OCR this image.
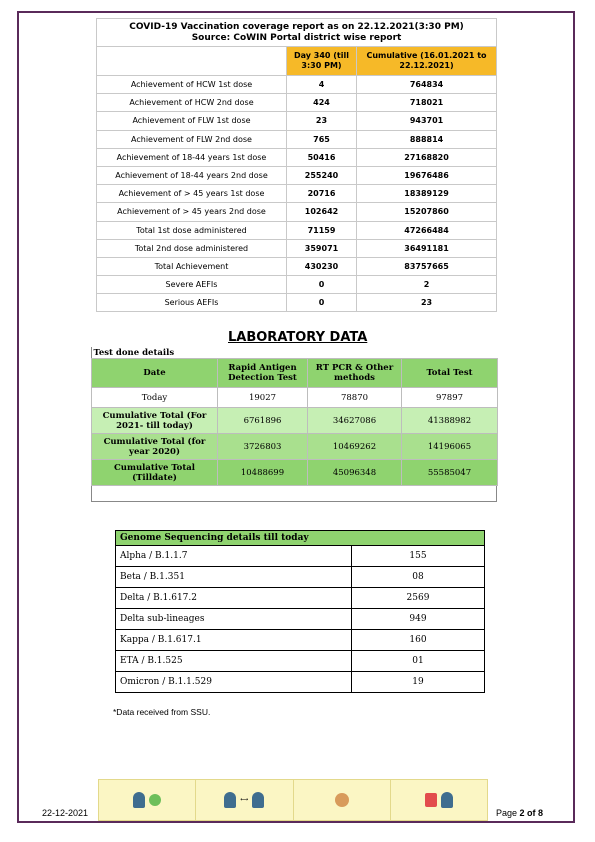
COVID-19 Vaccination coverage report as on 22.12.2021(3:30 PM)
Source: CoWIN Portal district wise report		

	Day 340 (till 3:30 PM)	Cumulative (16.01.2021 to 22.12.2021)
Achievement of HCW 1st dose	4	764834
Achievement of HCW 2nd dose	424	718021
Achievement of FLW 1st dose	23	943701
Achievement of FLW 2nd dose	765	888814
Achievement of 18-44 years 1st dose	50416	27168820
Achievement of 18-44 years 2nd dose	255240	19676486
Achievement of > 45 years 1st dose	20716	18389129
Achievement of > 45 years 2nd dose	102642	15207860
Total 1st dose administered	71159	47266484
Total 2nd dose administered	359071	36491181
Total Achievement	430230	83757665
Severe AEFIs	0	2
Serious AEFIs	0	23
LABORATORY DATA
Test done details			
Date	Rapid Antigen Detection Test	RT PCR & Other methods	Total Test
Today	19027	78870	97897
Cumulative Total (For 2021- till today)	6761896	34627086	41388982
Cumulative Total (for year 2020)	3726803	10469262	14196065
Cumulative Total (Tilldate)	10488699	45096348	55585047
Genome Sequencing details till today	
Alpha / B.1.1.7	155
Beta / B.1.351	08
Delta / B.1.617.2	2569
Delta sub-lineages	949
Kappa / B.1.617.1	160
ETA / B.1.525	01
Omicron / B.1.1.529	19
*Data received from SSU.
22-12-2021
⟷
Page 2 of 8
